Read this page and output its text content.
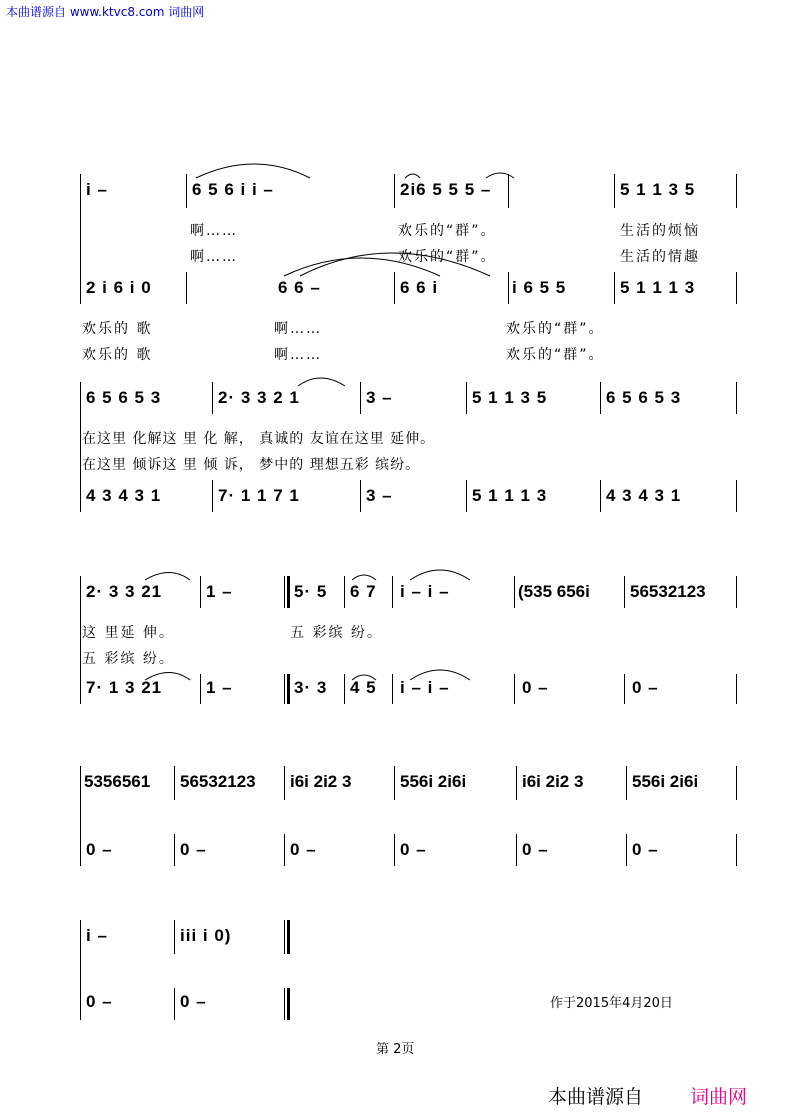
本曲谱源自 www.ktvc8.com 词曲网
i –	6 5 6 i i –	2i6 5 5 5 –	5 1 1 3 5
啊……	欢乐的“群”。	生活的烦恼
啊……	欢乐的“群”。	生活的情趣
2 i 6 i 0	6 6 –	6 6 i	i 6 5 5	5 1 1 1 3
欢乐的 歌	啊……	欢乐的“群”。
欢乐的 歌	啊……	欢乐的“群”。
6 5 6 5 3	2· 3 3 2 1	3 –	5 1 1 3 5	6 5 6 5 3
在这里 化解这 里 化 解， 真诚的 友谊在这里 延伸。
在这里 倾诉这 里 倾 诉， 梦中的 理想五彩 缤纷。
4 3 4 3 1	7· 1 1 7 1	3 –	5 1 1 1 3	4 3 4 3 1
2· 3 3 21	1 –	5· 5 6 7 i – i –	(535 656i 56532123
这 里延 伸。	五 彩缤 纷。
五 彩缤 纷。
7· 1 3 21	1 –	3· 3 4 5 i – i –	0 –	0 –
5356561 56532123 i6i 2i2 3	556i 2i6i	i6i 2i2 3	556i 2i6i
0 –	0 –	0 –	0 –	0 –	0 –
i –	iii i 0)
0 –	0 –	作于2015年4月20日
第 2页
本曲谱源自 词曲网
